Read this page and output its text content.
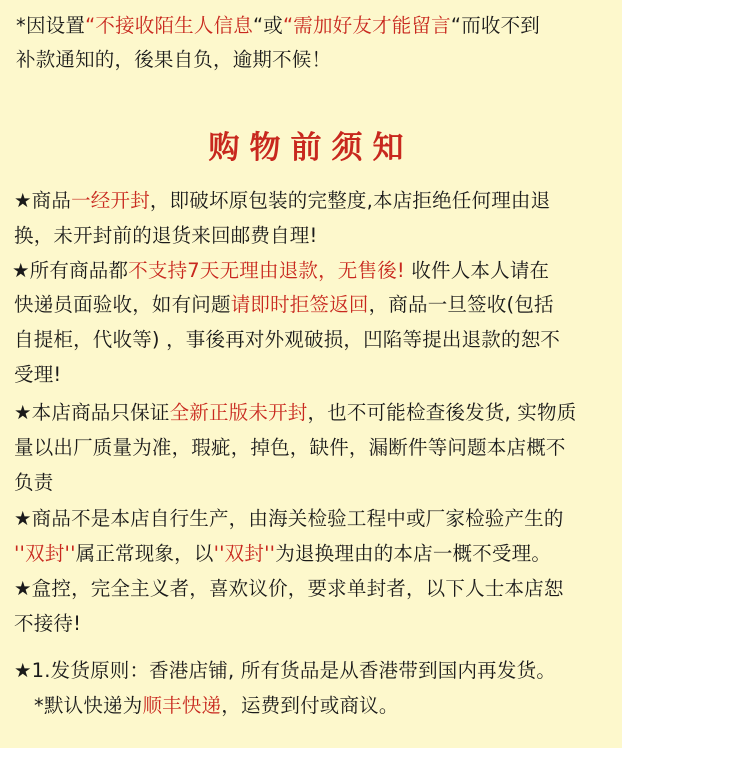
*因设置“不接收陌生人信息“或“需加好友才能留言“而收不到
补款通知的，後果自负，逾期不候！
购物前须知
★商品一经开封，即破坏原包装的完整度,本店拒绝任何理由退
换，未开封前的退货来回邮费自理!
★所有商品都不支持7天无理由退款，无售後! 收件人本人请在
快递员面验收，如有问题请即时拒签返回，商品一旦签收(包括
自提柜，代收等) ，事後再对外观破损，凹陷等提出退款的恕不
受理!
★本店商品只保证全新正版未开封，也不可能检查後发货, 实物质
量以出厂质量为准，瑕疵，掉色，缺件，漏断件等问题本店概不
负责
★商品不是本店自行生产，由海关检验工程中或厂家检验产生的
''双封''属正常现象，以''双封''为退换理由的本店一概不受理。
★盒控，完全主义者，喜欢议价，要求单封者，以下人士本店恕
不接待!
★1.发货原则：香港店铺, 所有货品是从香港带到国内再发货。
*默认快递为顺丰快递，运费到付或商议。
